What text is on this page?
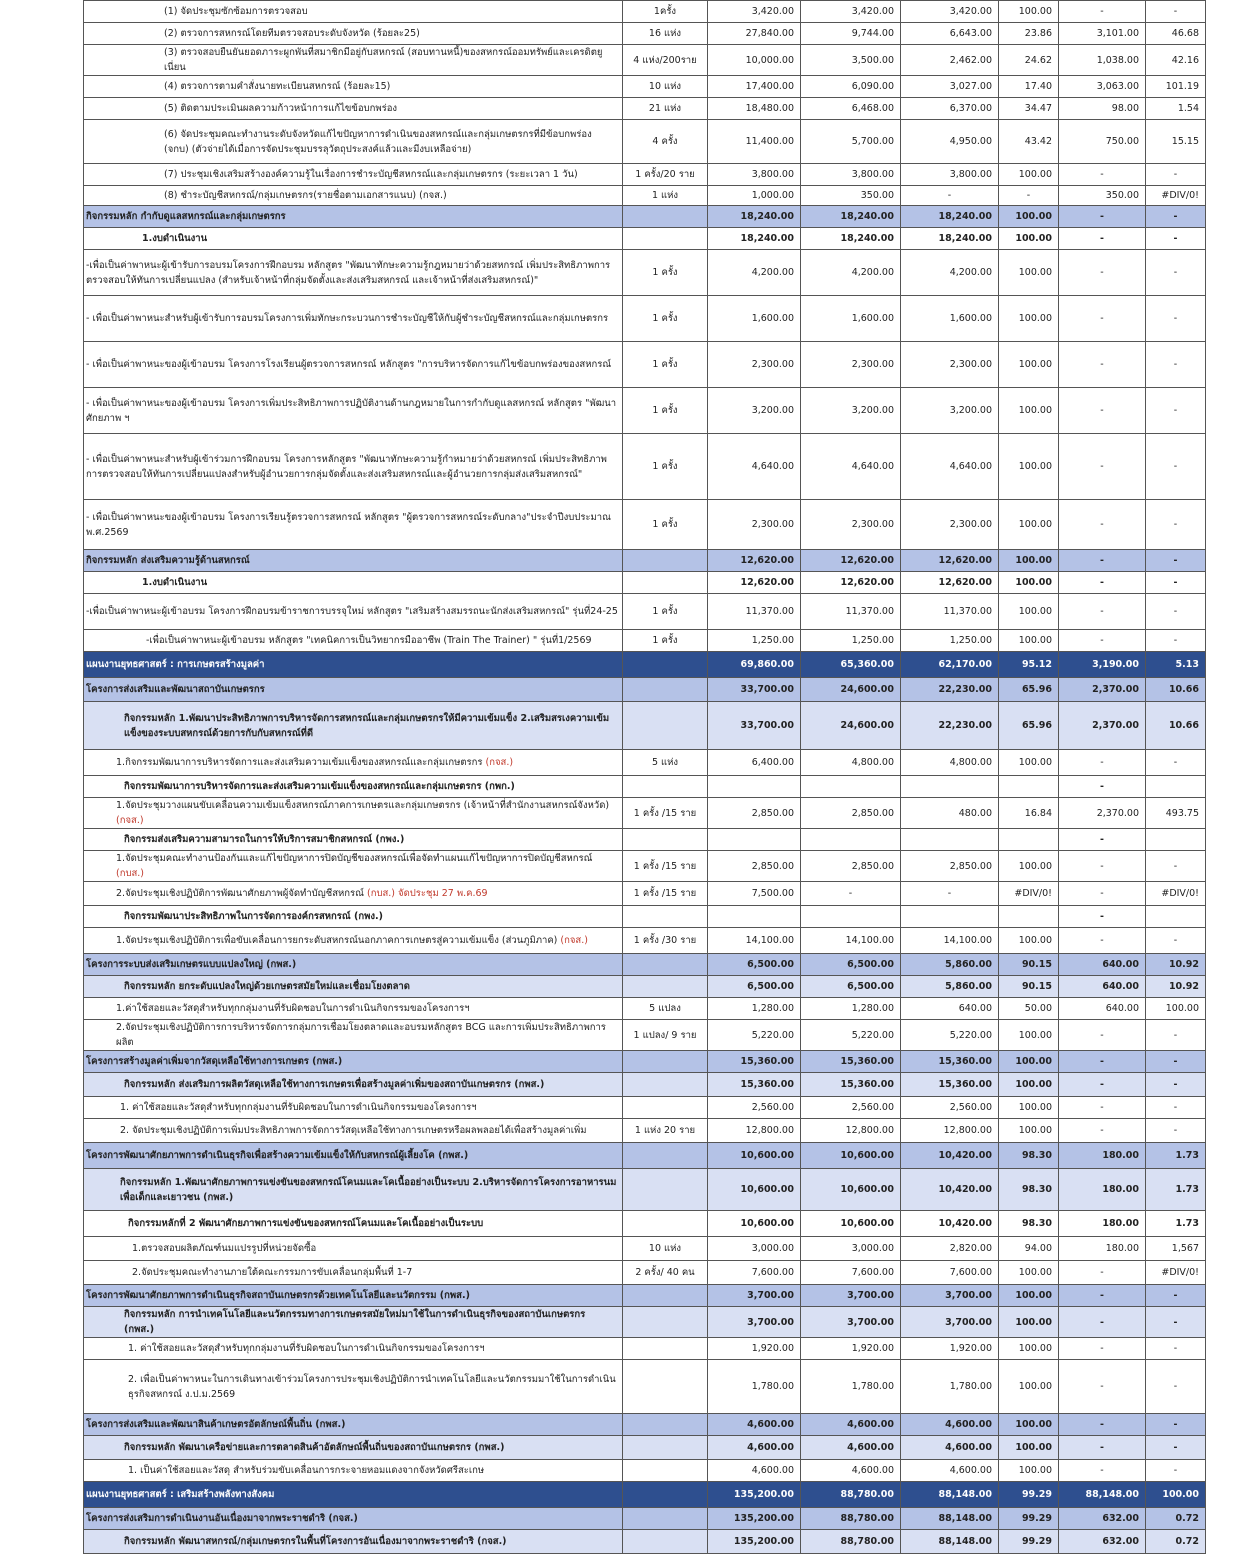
(1) จัดประชุมซักซ้อมการตรวจสอบ	1ครั้ง	3,420.00	3,420.00	3,420.00	100.00	-	-
(2) ตรวจการสหกรณ์โดยทีมตรวจสอบระดับจังหวัด (ร้อยละ25)	16 แห่ง	27,840.00	9,744.00	6,643.00	23.86	3,101.00	46.68
(3) ตรวจสอบยืนยันยอดภาระผูกพันที่สมาชิกมีอยู่กับสหกรณ์ (สอบทานหนี้)ของสหกรณ์ออมทรัพย์และเครดิตยูเนี่ยน	4 แห่ง/200ราย	10,000.00	3,500.00	2,462.00	24.62	1,038.00	42.16
(4) ตรวจการตามคำสั่งนายทะเบียนสหกรณ์ (ร้อยละ15)	10 แห่ง	17,400.00	6,090.00	3,027.00	17.40	3,063.00	101.19
(5) ติดตามประเมินผลความก้าวหน้าการแก้ไขข้อบกพร่อง	21 แห่ง	18,480.00	6,468.00	6,370.00	34.47	98.00	1.54
(6) จัดประชุมคณะทำงานระดับจังหวัดแก้ไขปัญหาการดำเนินของสหกรณ์และกลุ่มเกษตรกรที่มีข้อบกพร่อง (จกบ) (ตัวจ่ายได้เมื่อการจัดประชุมบรรลุวัตถุประสงค์แล้วและมีงบเหลือจ่าย)	4 ครั้ง	11,400.00	5,700.00	4,950.00	43.42	750.00	15.15
(7) ประชุมเชิงเสริมสร้างองค์ความรู้ในเรื่องการชำระบัญชีสหกรณ์และกลุ่มเกษตรกร (ระยะเวลา 1 วัน)	1 ครั้ง/20 ราย	3,800.00	3,800.00	3,800.00	100.00	-	-
(8) ชำระบัญชีสหกรณ์/กลุ่มเกษตรกร(รายชื่อตามเอกสารแนบ) (กจส.)	1 แห่ง	1,000.00	350.00	-	-	350.00	#DIV/0!
กิจกรรมหลัก กำกับดูแลสหกรณ์และกลุ่มเกษตรกร		18,240.00	18,240.00	18,240.00	100.00	-	-
1.งบดำเนินงาน		18,240.00	18,240.00	18,240.00	100.00	-	-
-เพื่อเป็นค่าพาหนะผู้เข้ารับการอบรมโครงการฝึกอบรม หลักสูตร "พัฒนาทักษะความรู้กฎหมายว่าด้วยสหกรณ์ เพิ่มประสิทธิภาพการตรวจสอบให้ทันการเปลี่ยนแปลง (สำหรับเจ้าหน้าที่กลุ่มจัดตั้งและส่งเสริมสหกรณ์ และเจ้าหน้าที่ส่งเสริมสหกรณ์)"	1 ครั้ง	4,200.00	4,200.00	4,200.00	100.00	-	-
- เพื่อเป็นค่าพาหนะสำหรับผู้เข้ารับการอบรมโครงการเพิ่มทักษะกระบวนการชำระบัญชีให้กับผู้ชำระบัญชีสหกรณ์และกลุ่มเกษตรกร	1 ครั้ง	1,600.00	1,600.00	1,600.00	100.00	-	-
- เพื่อเป็นค่าพาหนะของผู้เข้าอบรม โครงการโรงเรียนผู้ตรวจการสหกรณ์ หลักสูตร "การบริหารจัดการแก้ไขข้อบกพร่องของสหกรณ์	1 ครั้ง	2,300.00	2,300.00	2,300.00	100.00	-	-
- เพื่อเป็นค่าพาหนะของผู้เข้าอบรม โครงการเพิ่มประสิทธิภาพการปฏิบัติงานด้านกฎหมายในการกำกับดูแลสหกรณ์ หลักสูตร "พัฒนาศักยภาพ ฯ	1 ครั้ง	3,200.00	3,200.00	3,200.00	100.00	-	-
- เพื่อเป็นค่าพาหนะสำหรับผู้เข้าร่วมการฝึกอบรม โครงการหลักสูตร "พัฒนาทักษะความรู้กำหมายว่าด้วยสหกรณ์ เพิ่มประสิทธิภาพการตรวจสอบให้ทันการเปลี่ยนแปลงสำหรับผู้อำนวยการกลุ่มจัดตั้งและส่งเสริมสหกรณ์และผู้อำนวยการกลุ่มส่งเสริมสหกรณ์"	1 ครั้ง	4,640.00	4,640.00	4,640.00	100.00	-	-
- เพื่อเป็นค่าพาหนะของผู้เข้าอบรม โครงการเรียนรู้ตรวจการสหกรณ์ หลักสูตร "ผู้ตรวจการสหกรณ์ระดับกลาง"ประจำปีงบประมาณ พ.ศ.2569	1 ครั้ง	2,300.00	2,300.00	2,300.00	100.00	-	-
กิจกรรมหลัก ส่งเสริมความรู้ด้านสหกรณ์		12,620.00	12,620.00	12,620.00	100.00	-	-
1.งบดำเนินงาน		12,620.00	12,620.00	12,620.00	100.00	-	-
-เพื่อเป็นค่าพาหนะผู้เข้าอบรม โครงการฝึกอบรมข้าราชการบรรจุใหม่ หลักสูตร "เสริมสร้างสมรรถนะนักส่งเสริมสหกรณ์" รุ่นที่24-25	1 ครั้ง	11,370.00	11,370.00	11,370.00	100.00	-	-
-เพื่อเป็นค่าพาหนะผู้เข้าอบรม หลักสูตร "เทคนิคการเป็นวิทยากรมืออาชีพ (Train The Trainer) " รุ่นที่1/2569	1 ครั้ง	1,250.00	1,250.00	1,250.00	100.00	-	-
แผนงานยุทธศาสตร์ : การเกษตรสร้างมูลค่า		69,860.00	65,360.00	62,170.00	95.12	3,190.00	5.13
โครงการส่งเสริมและพัฒนาสถาบันเกษตรกร		33,700.00	24,600.00	22,230.00	65.96	2,370.00	10.66
กิจกรรมหลัก 1.พัฒนาประสิทธิภาพการบริหารจัดการสหกรณ์และกลุ่มเกษตรกรให้มีความเข้มแข็ง 2.เสริมสรเงความเข้มแข็งของระบบสหกรณ์ด้วยการกับกับสหกรณ์ที่ดี		33,700.00	24,600.00	22,230.00	65.96	2,370.00	10.66
1.กิจกรรมพัฒนาการบริหารจัดการและส่งเสริมความเข้มแข็งของสหกรณ์และกลุ่มเกษตรกร (กจส.)	5 แห่ง	6,400.00	4,800.00	4,800.00	100.00	-	-
กิจกรรมพัฒนาการบริหารจัดการและส่งเสริมความเข้มแข็งของสหกรณ์และกลุ่มเกษตรกร (กพก.)						-	
1.จัดประชุมวางแผนขับเคลื่อนความเข้มแข็งสหกรณ์ภาคการเกษตรและกลุ่มเกษตรกร (เจ้าหน้าที่สำนักงานสหกรณ์จังหวัด) (กจส.)	1 ครั้ง /15 ราย	2,850.00	2,850.00	480.00	16.84	2,370.00	493.75
กิจกรรมส่งเสริมความสามารถในการให้บริการสมาชิกสหกรณ์ (กพง.)						-	
1.จัดประชุมคณะทำงานป้องกันและแก้ไขปัญหาการปิดบัญชีของสหกรณ์เพื่อจัดทำแผนแก้ไขปัญหาการปิดบัญชีสหกรณ์ (กบส.)	1 ครั้ง /15 ราย	2,850.00	2,850.00	2,850.00	100.00	-	-
2.จัดประชุมเชิงปฏิบัติการพัฒนาศักยภาพผู้จัดทำบัญชีสหกรณ์ (กบส.) จัดประชุม 27 พ.ค.69	1 ครั้ง /15 ราย	7,500.00	-	-	#DIV/0!	-	#DIV/0!
กิจกรรมพัฒนาประสิทธิภาพในการจัดการองค์กรสหกรณ์ (กพง.)						-	
1.จัดประชุมเชิงปฏิบัติการเพื่อขับเคลื่อนการยกระดับสหกรณ์นอกภาคการเกษตรสู่ความเข้มแข็ง (ส่วนภูมิภาค) (กจส.)	1 ครั้ง /30 ราย	14,100.00	14,100.00	14,100.00	100.00	-	-
โครงการระบบส่งเสริมเกษตรแบบแปลงใหญ่ (กพส.)		6,500.00	6,500.00	5,860.00	90.15	640.00	10.92
กิจกรรมหลัก ยกระดับแปลงใหญ่ด้วยเกษตรสมัยใหม่และเชื่อมโยงตลาด		6,500.00	6,500.00	5,860.00	90.15	640.00	10.92
1.ค่าใช้สอยและวัสดุสำหรับทุกกลุ่มงานที่รับผิดชอบในการดำเนินกิจกรรมของโครงการฯ	5 แปลง	1,280.00	1,280.00	640.00	50.00	640.00	100.00
2.จัดประชุมเชิงปฏิบัติการการบริหารจัดการกลุ่มการเชื่อมโยงตลาดและอบรมหลักสูตร BCG และการเพิ่มประสิทธิภาพการผลิต	1 แปลง/ 9 ราย	5,220.00	5,220.00	5,220.00	100.00	-	-
โครงการสร้างมูลค่าเพิ่มจากวัสดุเหลือใช้ทางการเกษตร (กพส.)		15,360.00	15,360.00	15,360.00	100.00	-	-
กิจกรรมหลัก ส่งเสริมการผลิตวัสดุเหลือใช้ทางการเกษตรเพื่อสร้างมูลค่าเพิ่มของสถาบันเกษตรกร (กพส.)		15,360.00	15,360.00	15,360.00	100.00	-	-
1. ค่าใช้สอยและวัสดุสำหรับทุกกลุ่มงานที่รับผิดชอบในการดำเนินกิจกรรมของโครงการฯ		2,560.00	2,560.00	2,560.00	100.00	-	-
2. จัดประชุมเชิงปฏิบัติการเพิ่มประสิทธิภาพการจัดการวัสดุเหลือใช้ทางการเกษตรหรือผลพลอยได้เพื่อสร้างมูลค่าเพิ่ม	1 แห่ง 20 ราย	12,800.00	12,800.00	12,800.00	100.00	-	-
โครงการพัฒนาศักยภาพการดำเนินธุรกิจเพื่อสร้างความเข้มแข็งให้กับสหกรณ์ผู้เลี้ยงโค (กพส.)		10,600.00	10,600.00	10,420.00	98.30	180.00	1.73
กิจกรรมหลัก 1.พัฒนาศักยภาพการแข่งขันของสหกรณ์โคนมและโคเนื้ออย่างเป็นระบบ 2.บริหารจัดการโครงการอาหารนมเพื่อเด็กและเยาวชน (กพส.)		10,600.00	10,600.00	10,420.00	98.30	180.00	1.73
กิจกรรมหลักที่ 2 พัฒนาศักยภาพการแข่งขันของสหกรณ์โคนมและโคเนื้ออย่างเป็นระบบ		10,600.00	10,600.00	10,420.00	98.30	180.00	1.73
1.ตรวจสอบผลิตภัณฑ์นมแปรรูปที่หน่วยจัดซื้อ	10 แห่ง	3,000.00	3,000.00	2,820.00	94.00	180.00	1,567
2.จัดประชุมคณะทำงานภายใต้คณะกรรมการขับเคลื่อนกลุ่มพื้นที่ 1-7	2 ครั้ง/ 40 คน	7,600.00	7,600.00	7,600.00	100.00	-	#DIV/0!
โครงการพัฒนาศักยภาพการดำเนินธุรกิจสถาบันเกษตรกรด้วยเทคโนโลยีและนวัตกรรม (กพส.)		3,700.00	3,700.00	3,700.00	100.00	-	-
กิจกรรมหลัก การนำเทคโนโลยีและนวัตกรรมทางการเกษตรสมัยใหม่มาใช้ในการดำเนินธุรกิจของสถาบันเกษตรกร (กพส.)		3,700.00	3,700.00	3,700.00	100.00	-	-
1. ค่าใช้สอยและวัสดุสำหรับทุกกลุ่มงานที่รับผิดชอบในการดำเนินกิจกรรมของโครงการฯ		1,920.00	1,920.00	1,920.00	100.00	-	-
2. เพื่อเป็นค่าพาหนะในการเดินทางเข้าร่วมโครงการประชุมเชิงปฏิบัติการนำเทคโนโลยีและนวัตกรรมมาใช้ในการดำเนินธุรกิจสหกรณ์ ง.ป.ม.2569		1,780.00	1,780.00	1,780.00	100.00	-	-
โครงการส่งเสริมและพัฒนาสินค้าเกษตรอัตลักษณ์พื้นถิ่น (กพส.)		4,600.00	4,600.00	4,600.00	100.00	-	-
กิจกรรมหลัก พัฒนาเครือข่ายและการตลาดสินค้าอัตลักษณ์พื้นถิ่นของสถาบันเกษตรกร (กพส.)		4,600.00	4,600.00	4,600.00	100.00	-	-
1. เป็นค่าใช้สอยและวัสดุ สำหรับร่วมขับเคลื่อนการกระจายหอมแดงจากจังหวัดศรีสะเกษ		4,600.00	4,600.00	4,600.00	100.00	-	-
แผนงานยุทธศาสตร์ : เสริมสร้างพลังทางสังคม		135,200.00	88,780.00	88,148.00	99.29	88,148.00	100.00
โครงการส่งเสริมการดำเนินงานอันเนื่องมาจากพระราชดำริ (กจส.)		135,200.00	88,780.00	88,148.00	99.29	632.00	0.72
กิจกรรมหลัก พัฒนาสหกรณ์/กลุ่มเกษตรกรในพื้นที่โครงการอันเนื่องมาจากพระราชดำริ (กจส.)		135,200.00	88,780.00	88,148.00	99.29	632.00	0.72
